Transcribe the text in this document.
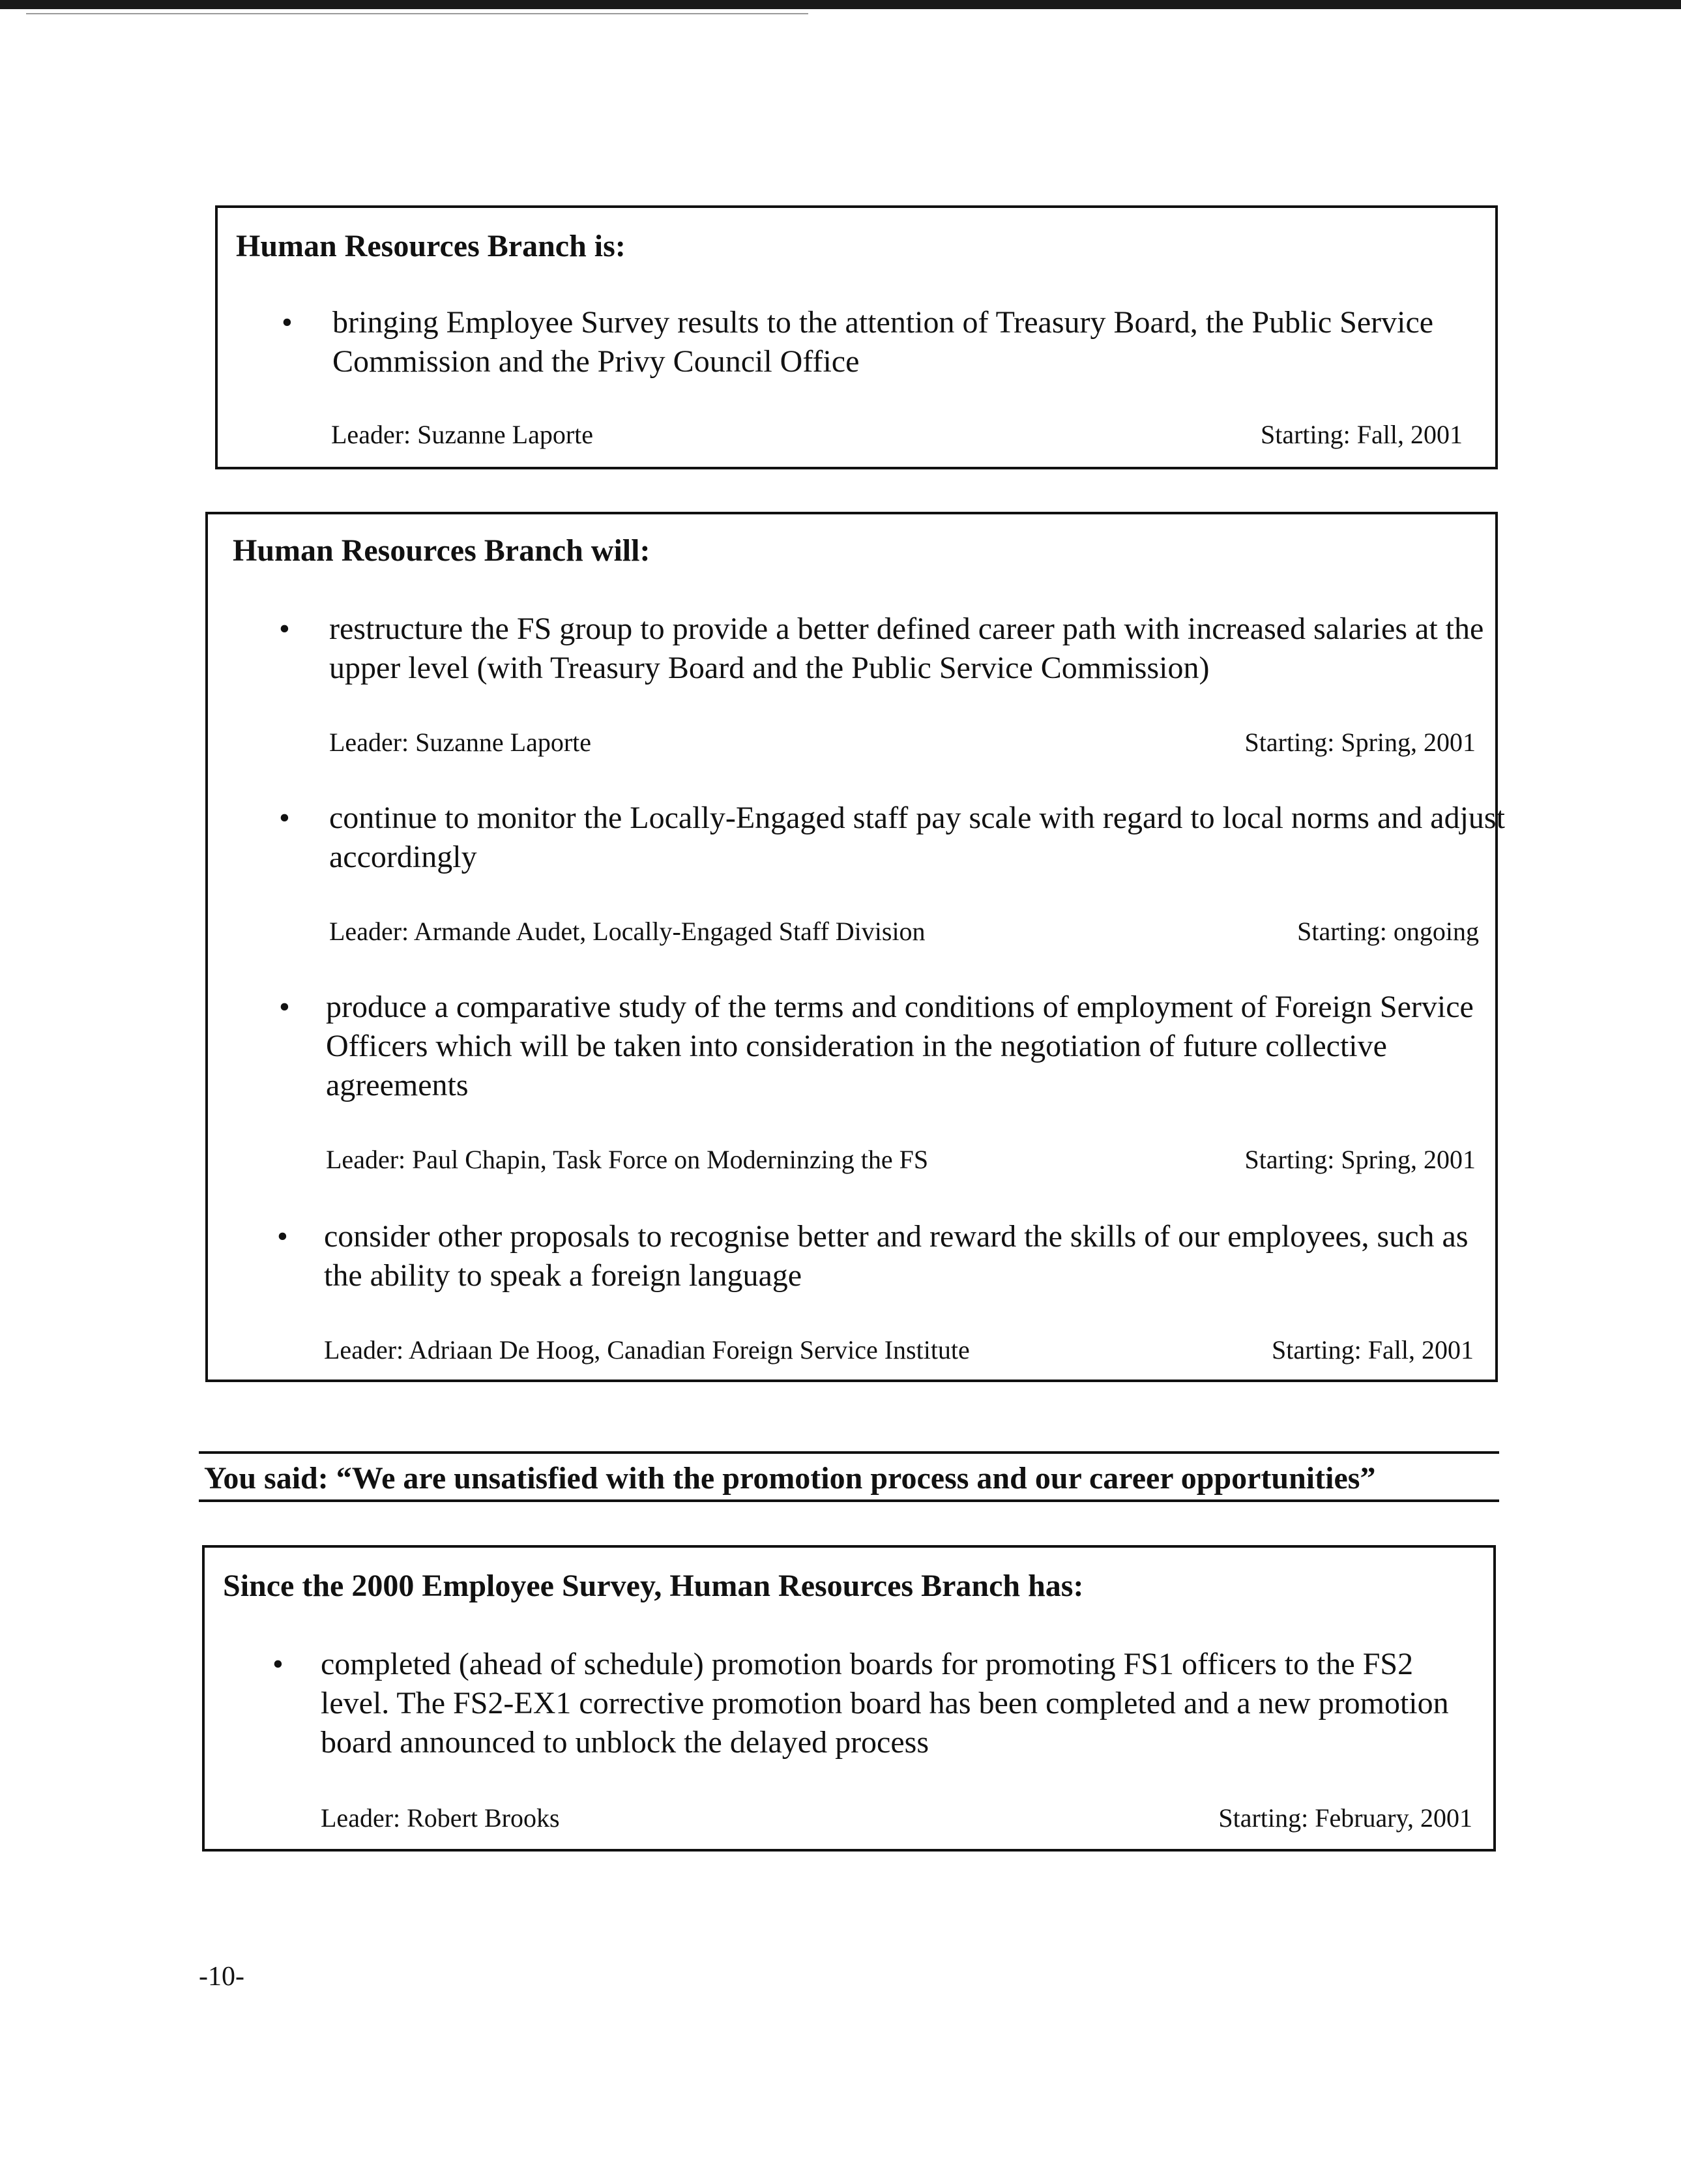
Human Resources Branch is:
• bringing Employee Survey results to the attention of Treasury Board, the Public Service Commission and the Privy Council Office
Leader: Suzanne Laporte	Starting: Fall, 2001
Human Resources Branch will:
• restructure the FS group to provide a better defined career path with increased salaries at the upper level (with Treasury Board and the Public Service Commission)
Leader: Suzanne Laporte	Starting: Spring, 2001
• continue to monitor the Locally-Engaged staff pay scale with regard to local norms and adjust accordingly
Leader: Armande Audet, Locally-Engaged Staff Division	Starting: ongoing
• produce a comparative study of the terms and conditions of employment of Foreign Service Officers which will be taken into consideration in the negotiation of future collective agreements
Leader: Paul Chapin, Task Force on Moderninzing the FS	Starting: Spring, 2001
• consider other proposals to recognise better and reward the skills of our employees, such as the ability to speak a foreign language
Leader: Adriaan De Hoog, Canadian Foreign Service Institute	Starting: Fall, 2001
You said: “We are unsatisfied with the promotion process and our career opportunities”
Since the 2000 Employee Survey, Human Resources Branch has:
• completed (ahead of schedule) promotion boards for promoting FS1 officers to the FS2 level. The FS2-EX1 corrective promotion board has been completed and a new promotion board announced to unblock the delayed process
Leader: Robert Brooks	Starting: February, 2001
-10-
